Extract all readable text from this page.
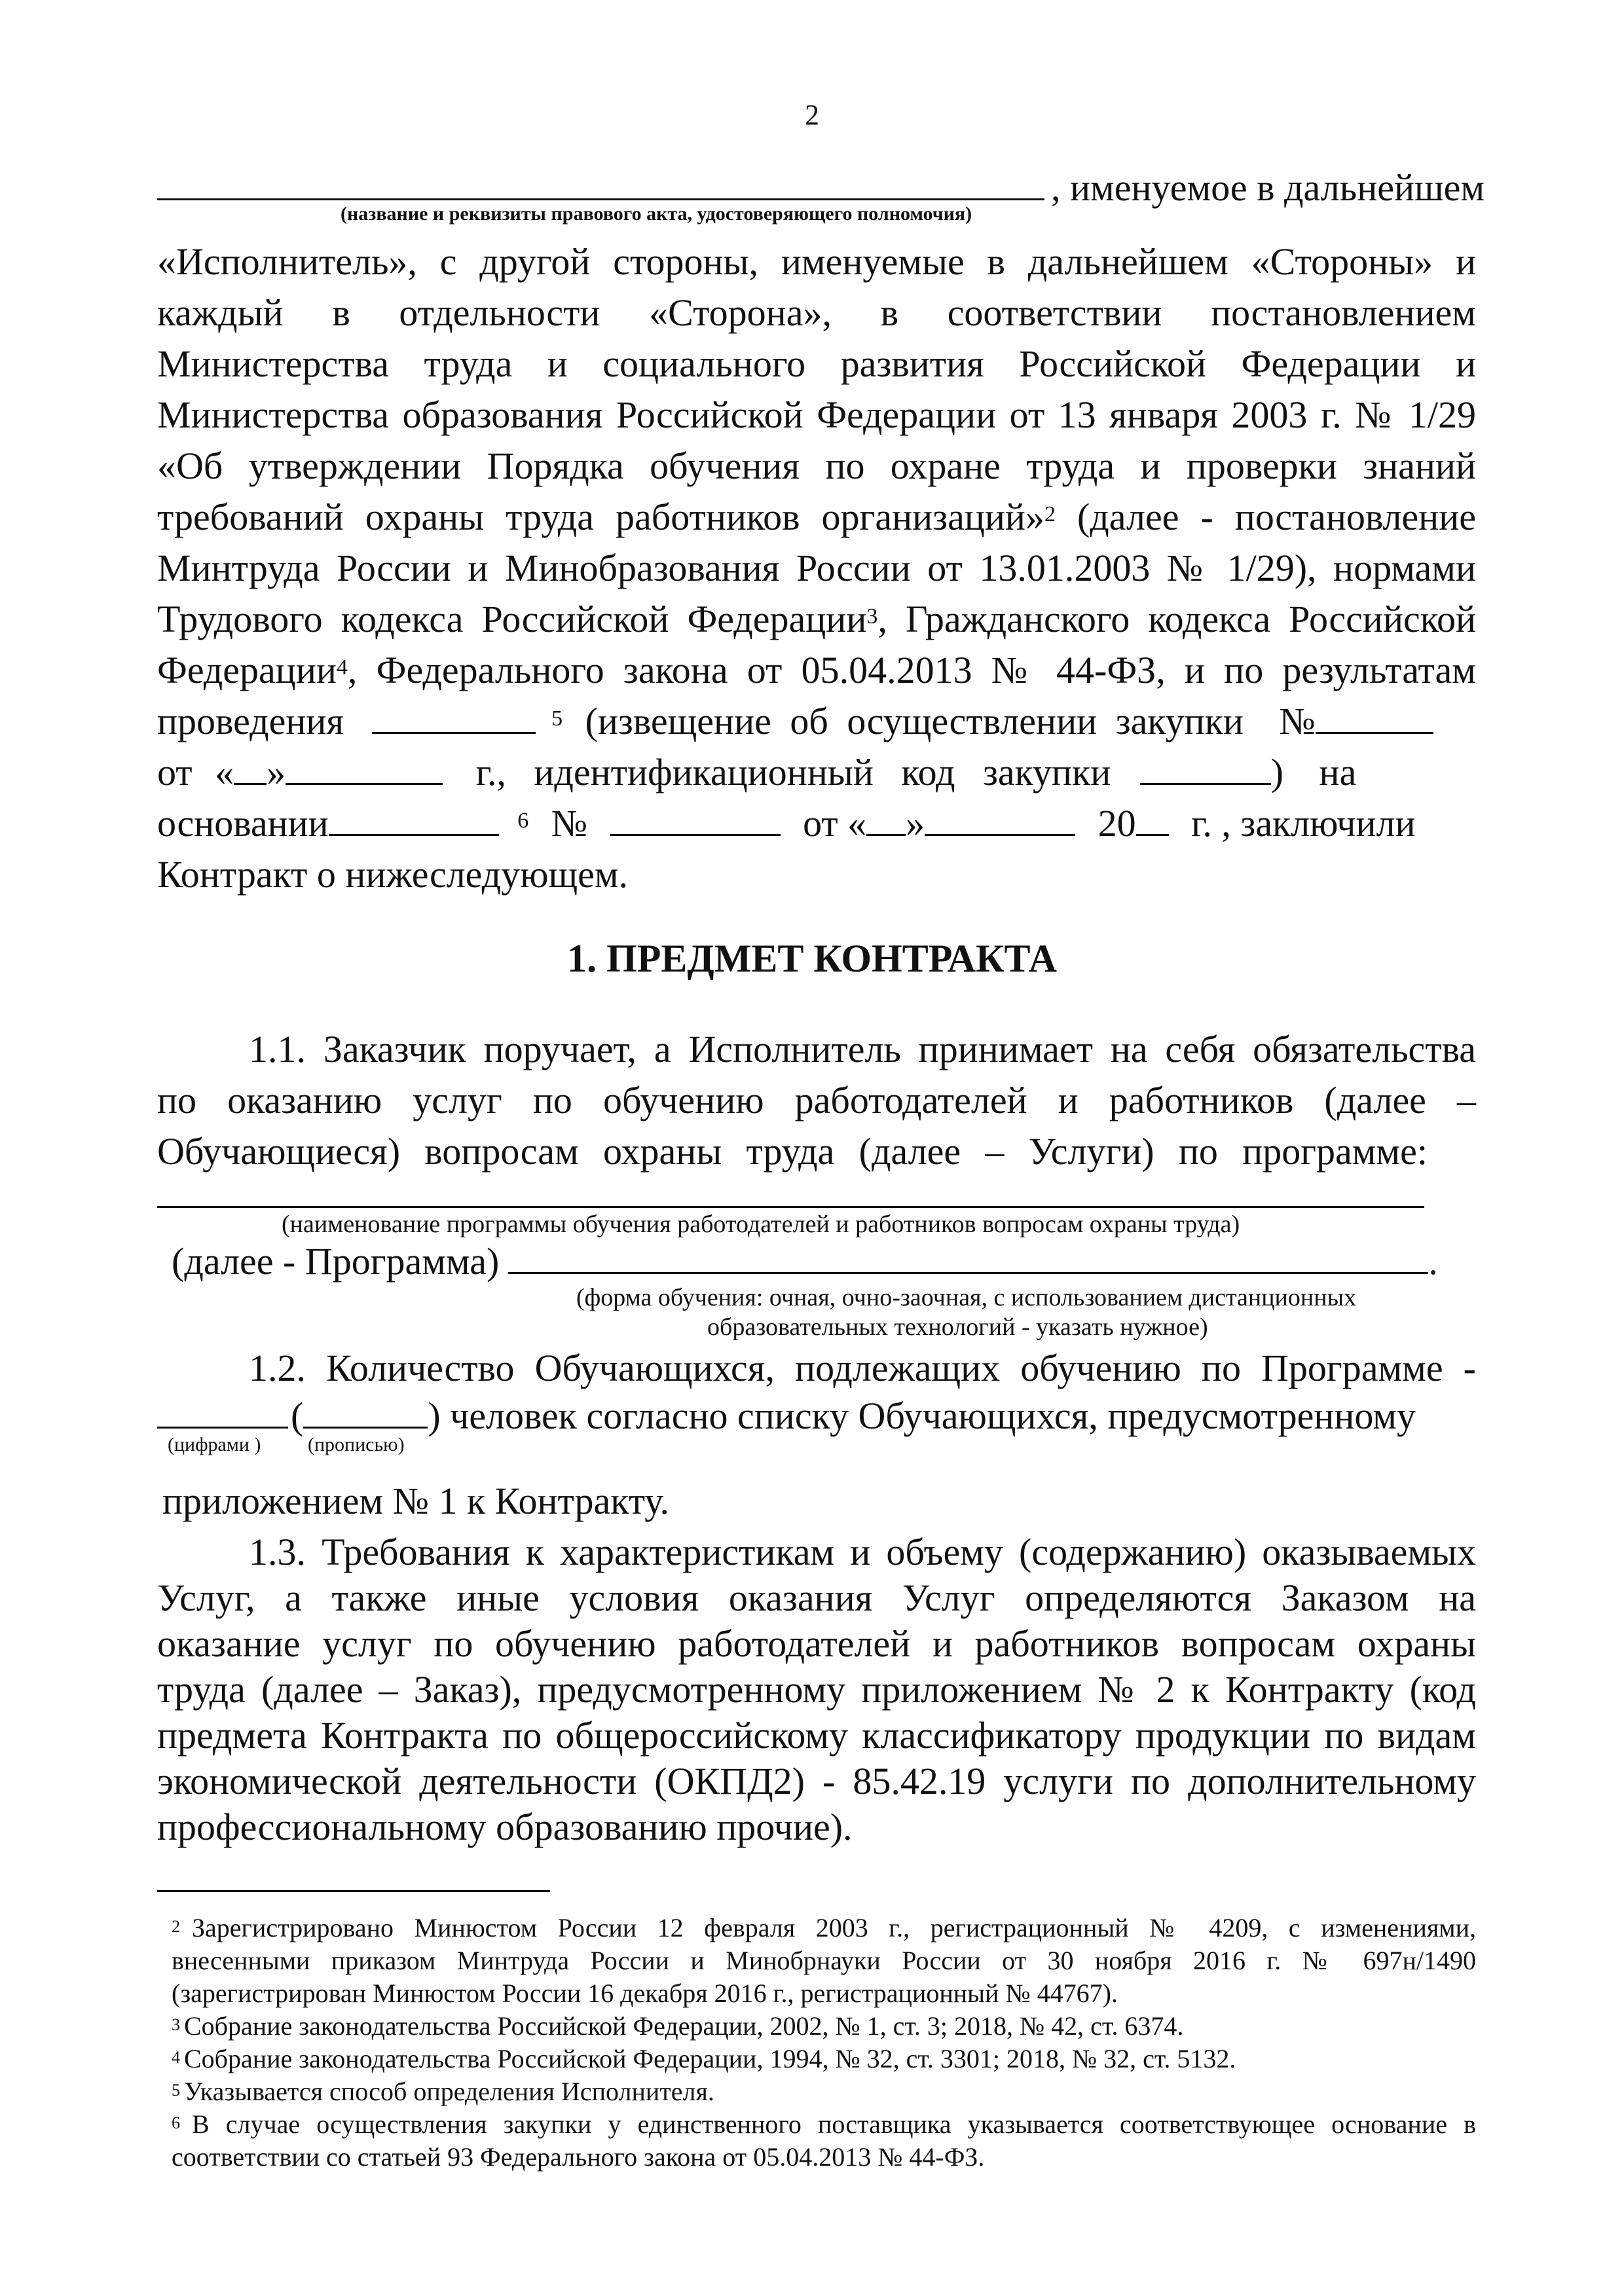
2
, именуемое в дальнейшем
(название и реквизиты правового акта, удостоверяющего полномочия)
«Исполнитель», с другой стороны, именуемые в дальнейшем «Стороны» и
каждый в отдельности «Сторона», в соответствии постановлением
Министерства труда и социального развития Российской Федерации и
Министерства образования Российской Федерации от 13 января 2003 г. № 1/29
«Об утверждении Порядка обучения по охране труда и проверки знаний
требований охраны труда работников организаций»$^2$ (далее - постановление
Минтруда России и Минобразования России от 13.01.2003 № 1/29), нормами
Трудового кодекса Российской Федерации$^3$, Гражданского кодекса Российской
Федерации$^4$, Федерального закона от 05.04.2013 № 44-ФЗ, и по результатам
проведения	$^5$ (извещение об осуществлении закупки №
от « »	г., идентификационный код закупки	) на
основании	$^6$ №	от « »	20 г. , заключили
Контракт о нижеследующем.
1. ПРЕДМЕТ КОНТРАКТА
1.1. Заказчик поручает, а Исполнитель принимает на себя обязательства
по оказанию услуг по обучению работодателей и работников (далее –
Обучающиеся) вопросам охраны труда (далее – Услуги) по программе:
(наименование программы обучения работодателей и работников вопросам охраны труда)
(далее - Программа)	.
(форма обучения: очная, очно-заочная, с использованием дистанционных
образовательных технологий - указать нужное)
1.2. Количество Обучающихся, подлежащих обучению по Программе -
(	) человек согласно списку Обучающихся, предусмотренному
(цифрами ) (прописью)
приложением № 1 к Контракту.
1.3. Требования к характеристикам и объему (содержанию) оказываемых
Услуг, а также иные условия оказания Услуг определяются Заказом на
оказание услуг по обучению работодателей и работников вопросам охраны
труда (далее – Заказ), предусмотренному приложением № 2 к Контракту (код
предмета Контракта по общероссийскому классификатору продукции по видам
экономической деятельности (ОКПД2) - 85.42.19 услуги по дополнительному
профессиональному образованию прочие).
$^2$ Зарегистрировано Минюстом России 12 февраля 2003 г., регистрационный № 4209, с изменениями,
внесенными приказом Минтруда России и Минобрнауки России от 30 ноября 2016 г. № 697н/1490
(зарегистрирован Минюстом России 16 декабря 2016 г., регистрационный № 44767).
$^3$ Собрание законодательства Российской Федерации, 2002, № 1, ст. 3; 2018, № 42, ст. 6374.
$^4$ Собрание законодательства Российской Федерации, 1994, № 32, ст. 3301; 2018, № 32, ст. 5132.
$^5$ Указывается способ определения Исполнителя.
$^6$ В случае осуществления закупки у единственного поставщика указывается соответствующее основание в
соответствии со статьей 93 Федерального закона от 05.04.2013 № 44-ФЗ.
